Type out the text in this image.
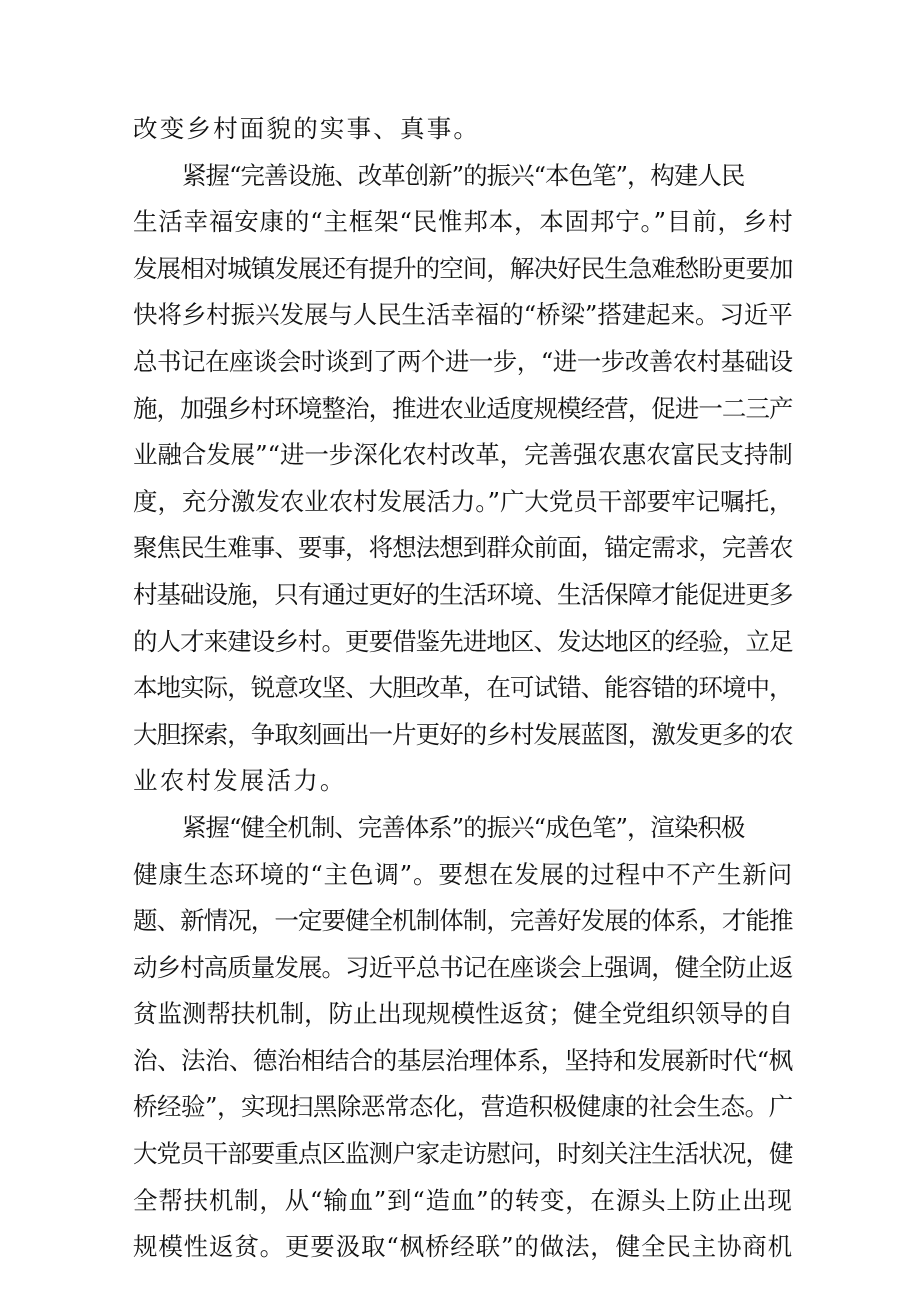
改变乡村面貌的实事、真事。
紧握“完善设施、改革创新”的振兴“本色笔”，构建人民
生活幸福安康的“主框架“民惟邦本，本固邦宁。”目前，乡村
发展相对城镇发展还有提升的空间，解决好民生急难愁盼更要加
快将乡村振兴发展与人民生活幸福的“桥梁”搭建起来。习近平
总书记在座谈会时谈到了两个进一步，“进一步改善农村基础设
施，加强乡村环境整治，推进农业适度规模经营，促进一二三产
业融合发展”“进一步深化农村改革，完善强农惠农富民支持制
度，充分激发农业农村发展活力。”广大党员干部要牢记嘱托，
聚焦民生难事、要事，将想法想到群众前面，锚定需求，完善农
村基础设施，只有通过更好的生活环境、生活保障才能促进更多
的人才来建设乡村。更要借鉴先进地区、发达地区的经验，立足
本地实际，锐意攻坚、大胆改革，在可试错、能容错的环境中，
大胆探索，争取刻画出一片更好的乡村发展蓝图，激发更多的农
业农村发展活力。
紧握“健全机制、完善体系”的振兴“成色笔”，渲染积极
健康生态环境的“主色调”。要想在发展的过程中不产生新问
题、新情况，一定要健全机制体制，完善好发展的体系，才能推
动乡村高质量发展。习近平总书记在座谈会上强调，健全防止返
贫监测帮扶机制，防止出现规模性返贫；健全党组织领导的自
治、法治、德治相结合的基层治理体系，坚持和发展新时代“枫
桥经验”，实现扫黑除恶常态化，营造积极健康的社会生态。广
大党员干部要重点区监测户家走访慰问，时刻关注生活状况，健
全帮扶机制，从“输血”到“造血”的转变，在源头上防止出现
规模性返贫。更要汲取“枫桥经联”的做法，健全民主协商机
